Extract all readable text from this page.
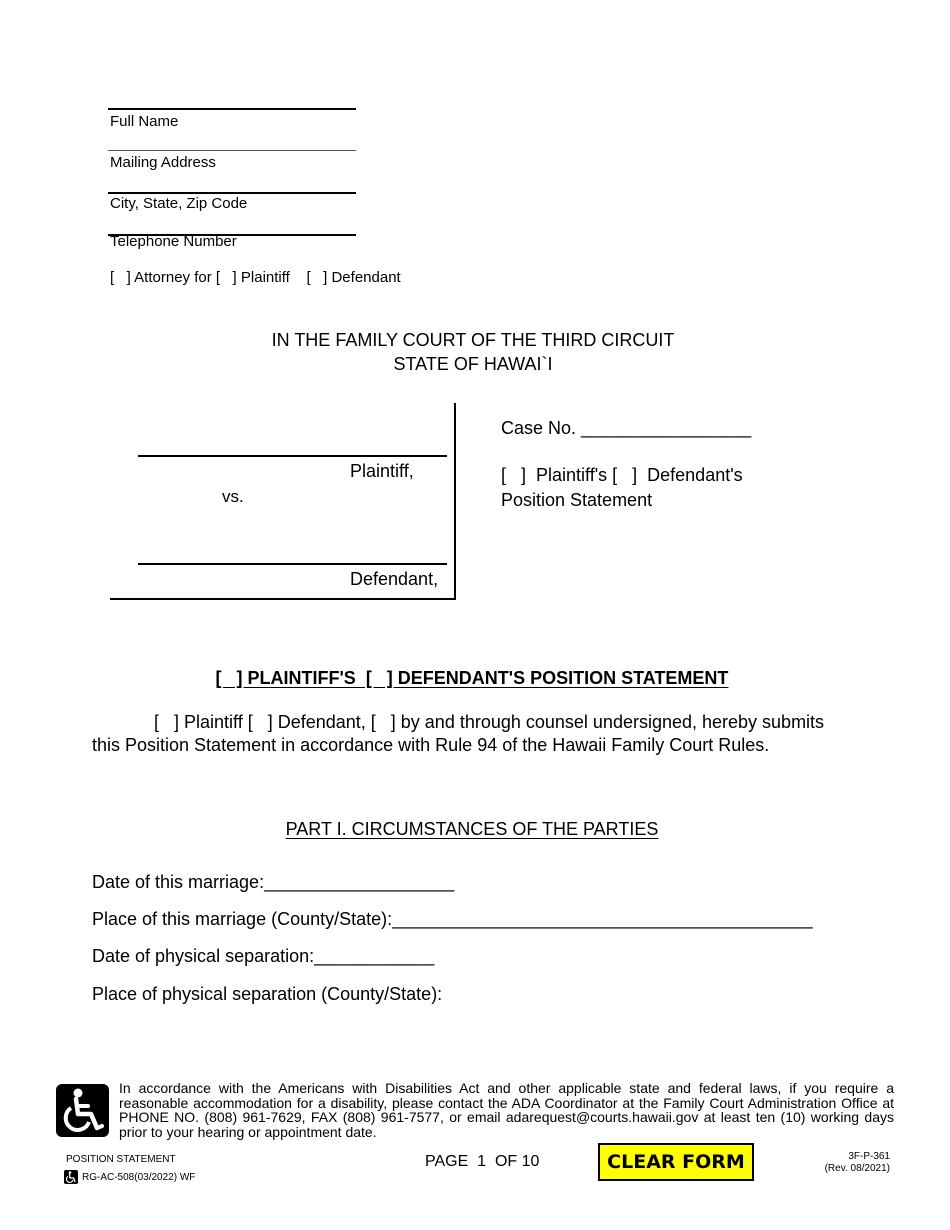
Full Name
Mailing Address
City, State, Zip Code
Telephone Number
[   ] Attorney for [   ] Plaintiff    [   ] Defendant
IN THE FAMILY COURT OF THE THIRD CIRCUIT
STATE OF HAWAI`I
Plaintiff,
vs.
Defendant,
Case No. _________________
[   ]  Plaintiff's [   ]  Defendant's
Position Statement
[   ] PLAINTIFF'S  [   ] DEFENDANT'S POSITION STATEMENT
[   ] Plaintiff [   ] Defendant, [   ] by and through counsel undersigned, hereby submits
this Position Statement in accordance with Rule 94 of the Hawaii Family Court Rules.
PART I. CIRCUMSTANCES OF THE PARTIES
Date of this marriage:___________________
Place of this marriage (County/State):__________________________________________
Date of physical separation:____________
Place of physical separation (County/State):
In accordance with the Americans with Disabilities Act and other applicable state and federal laws, if you require a reasonable accommodation for a disability, please contact the ADA Coordinator at the Family Court Administration Office at PHONE NO. (808) 961-7629, FAX (808) 961-7577, or email adarequest@courts.hawaii.gov at least ten (10) working days prior to your hearing or appointment date.
POSITION STATEMENT
RG-AC-508(03/2022) WF
PAGE  1  OF 10	CLEAR FORM	3F-P-361
(Rev. 08/2021)
